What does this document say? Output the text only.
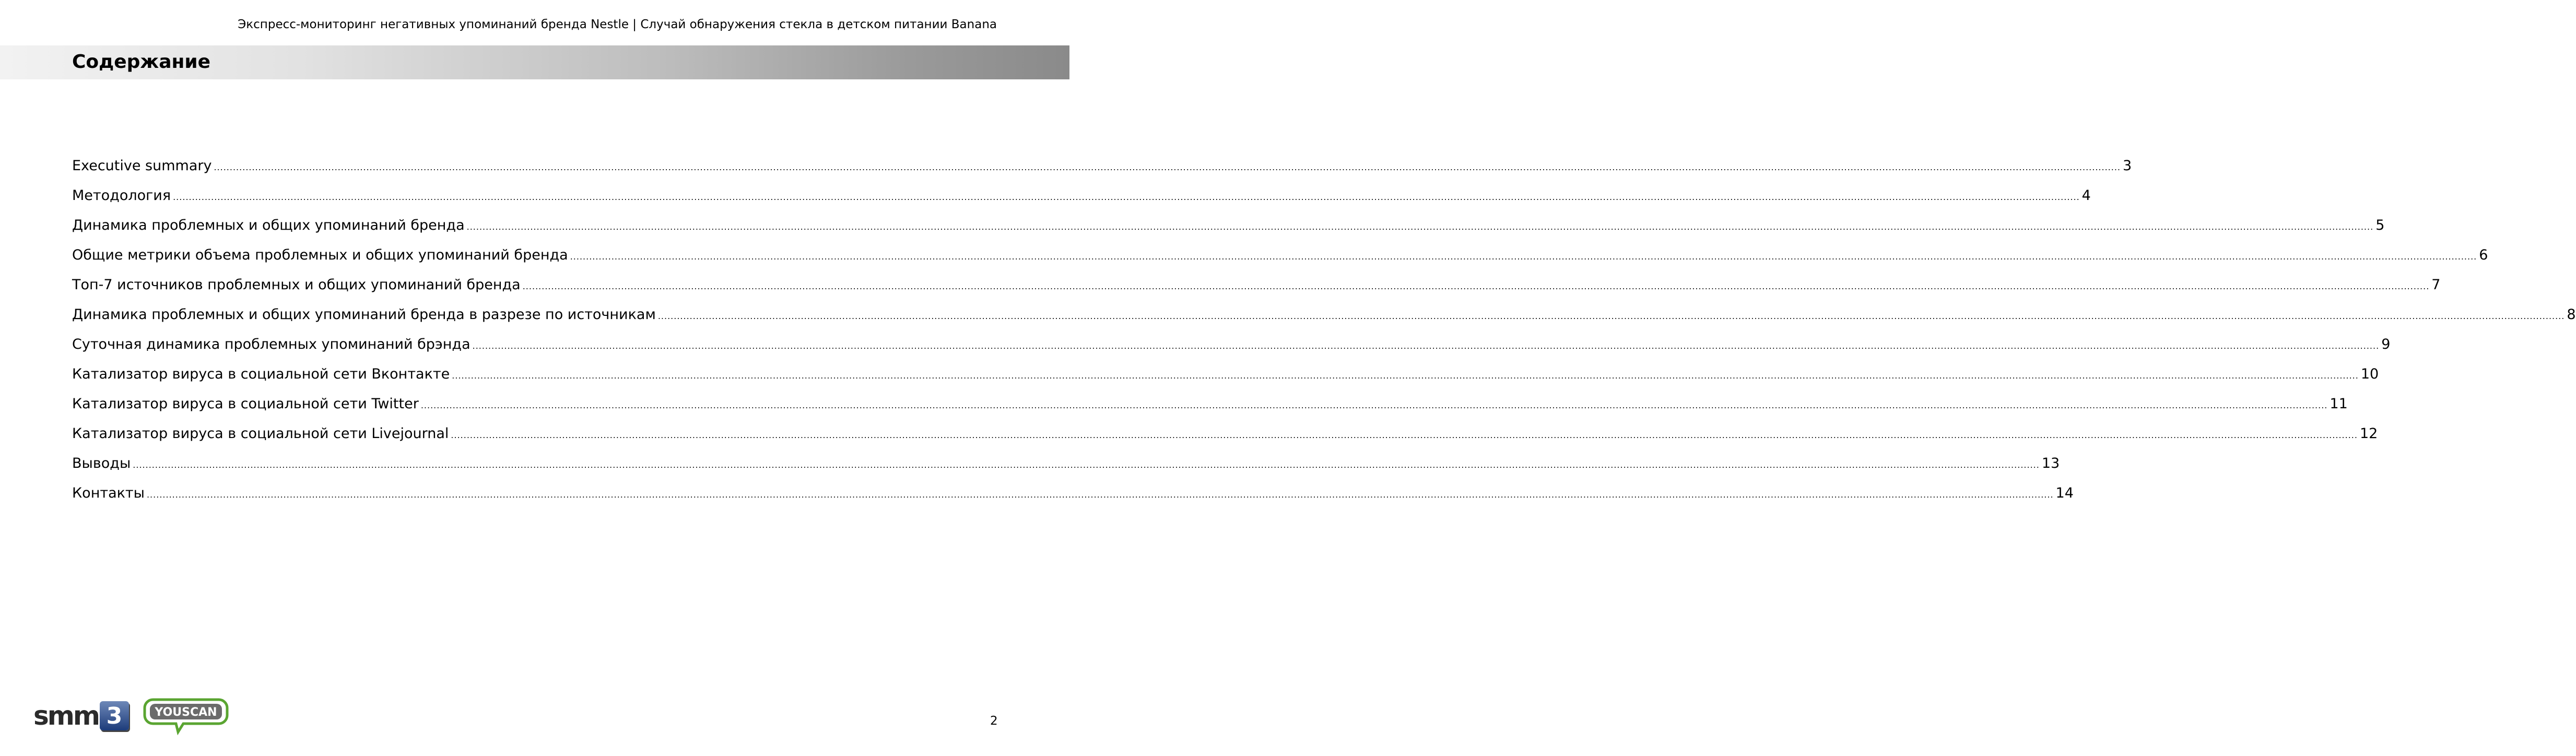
Экспресс-мониторинг негативных упоминаний бренда Nestle | Случай обнаружения стекла в детском питании Banana
Содержание
Executive summary ........................................................................................................................................................................................................................................................................................................................................................................................................................................................................................................................................................................................................................ 3
Методология ........................................................................................................................................................................................................................................................................................................................................................................................................................................................................................................................................................................................................................ 4
Динамика проблемных и общих упоминаний бренда ........................................................................................................................................................................................................................................................................................................................................................................................................................................................................................................................................................................................................................ 5
Общие метрики объема проблемных и общих упоминаний бренда ........................................................................................................................................................................................................................................................................................................................................................................................................................................................................................................................................................................................................................ 6
Топ-7 источников проблемных и общих упоминаний бренда ........................................................................................................................................................................................................................................................................................................................................................................................................................................................................................................................................................................................................................ 7
Динамика проблемных и общих упоминаний бренда в разрезе по источникам ........................................................................................................................................................................................................................................................................................................................................................................................................................................................................................................................................................................................................................ 8
Суточная динамика проблемных упоминаний брэнда ........................................................................................................................................................................................................................................................................................................................................................................................................................................................................................................................................................................................................................ 9
Катализатор вируса в социальной сети Вконтакте ........................................................................................................................................................................................................................................................................................................................................................................................................................................................................................................................................................................................................................ 10
Катализатор вируса в социальной сети Twitter ........................................................................................................................................................................................................................................................................................................................................................................................................................................................................................................................................................................................................................ 11
Катализатор вируса в социальной сети Livejournal ........................................................................................................................................................................................................................................................................................................................................................................................................................................................................................................................................................................................................................ 12
Выводы ........................................................................................................................................................................................................................................................................................................................................................................................................................................................................................................................................................................................................................ 13
Контакты ........................................................................................................................................................................................................................................................................................................................................................................................................................................................................................................................................................................................................................ 14
smm 3	YOUSCAN
2
